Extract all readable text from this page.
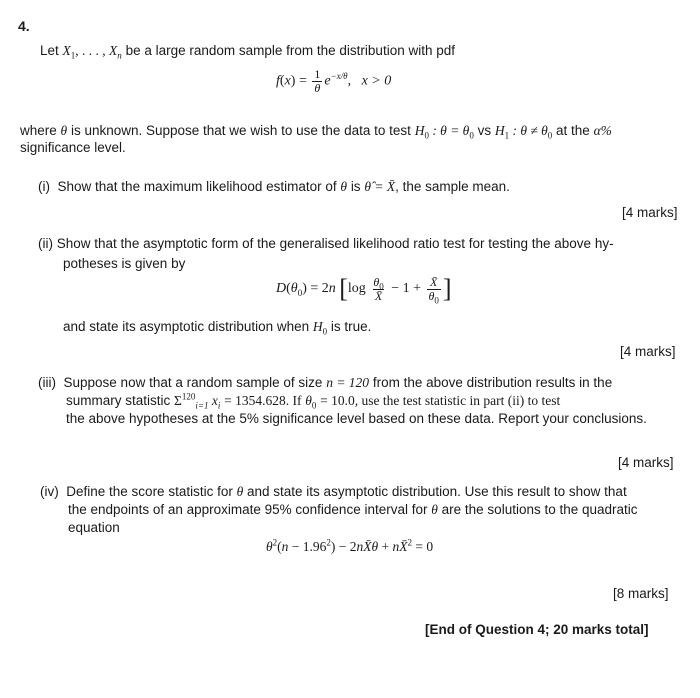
4.
Let $X_1$, . . . , $X_n$ be a large random sample from the distribution with pdf
$f(x) = \frac{1}{\theta} e^{-x/\theta}$,   x > 0
where θ is unknown. Suppose that we wish to use the data to test $H_0$ : $\theta = \theta_0$ vs $H_1$ : $\theta \ne \theta_0$ at the α%
significance level.
(i) Show that the maximum likelihood estimator of θ is θ̂ = X̄, the sample mean.
[4 marks]
(ii) Show that the asymptotic form of the generalised likelihood ratio test for testing the above hy-
potheses is given by
$D(\theta_0) = 2n$ [$\log \frac{\theta_0}{X̄} - 1 + \frac{X̄}{\theta_0}$ ]
and state its asymptotic distribution when $H_0$ is true.
[4 marks]
(iii) Suppose now that a random sample of size n = 120 from the above distribution results in the
summary statistic $\Sigma^{120}_{i=1}$ $x_i = 1354.628$. If $\theta_0 = 10.0$, use the test statistic in part (ii) to test
the above hypotheses at the 5% significance level based on these data. Report your conclusions.
[4 marks]
(iv) Define the score statistic for θ and state its asymptotic distribution. Use this result to show that
the endpoints of an approximate 95% confidence interval for θ are the solutions to the quadratic
equation
$\theta^2(n - 1.96^2)$ − 2nX̄θ + nX̄$^2$ = 0
[8 marks]
[End of Question 4; 20 marks total]
